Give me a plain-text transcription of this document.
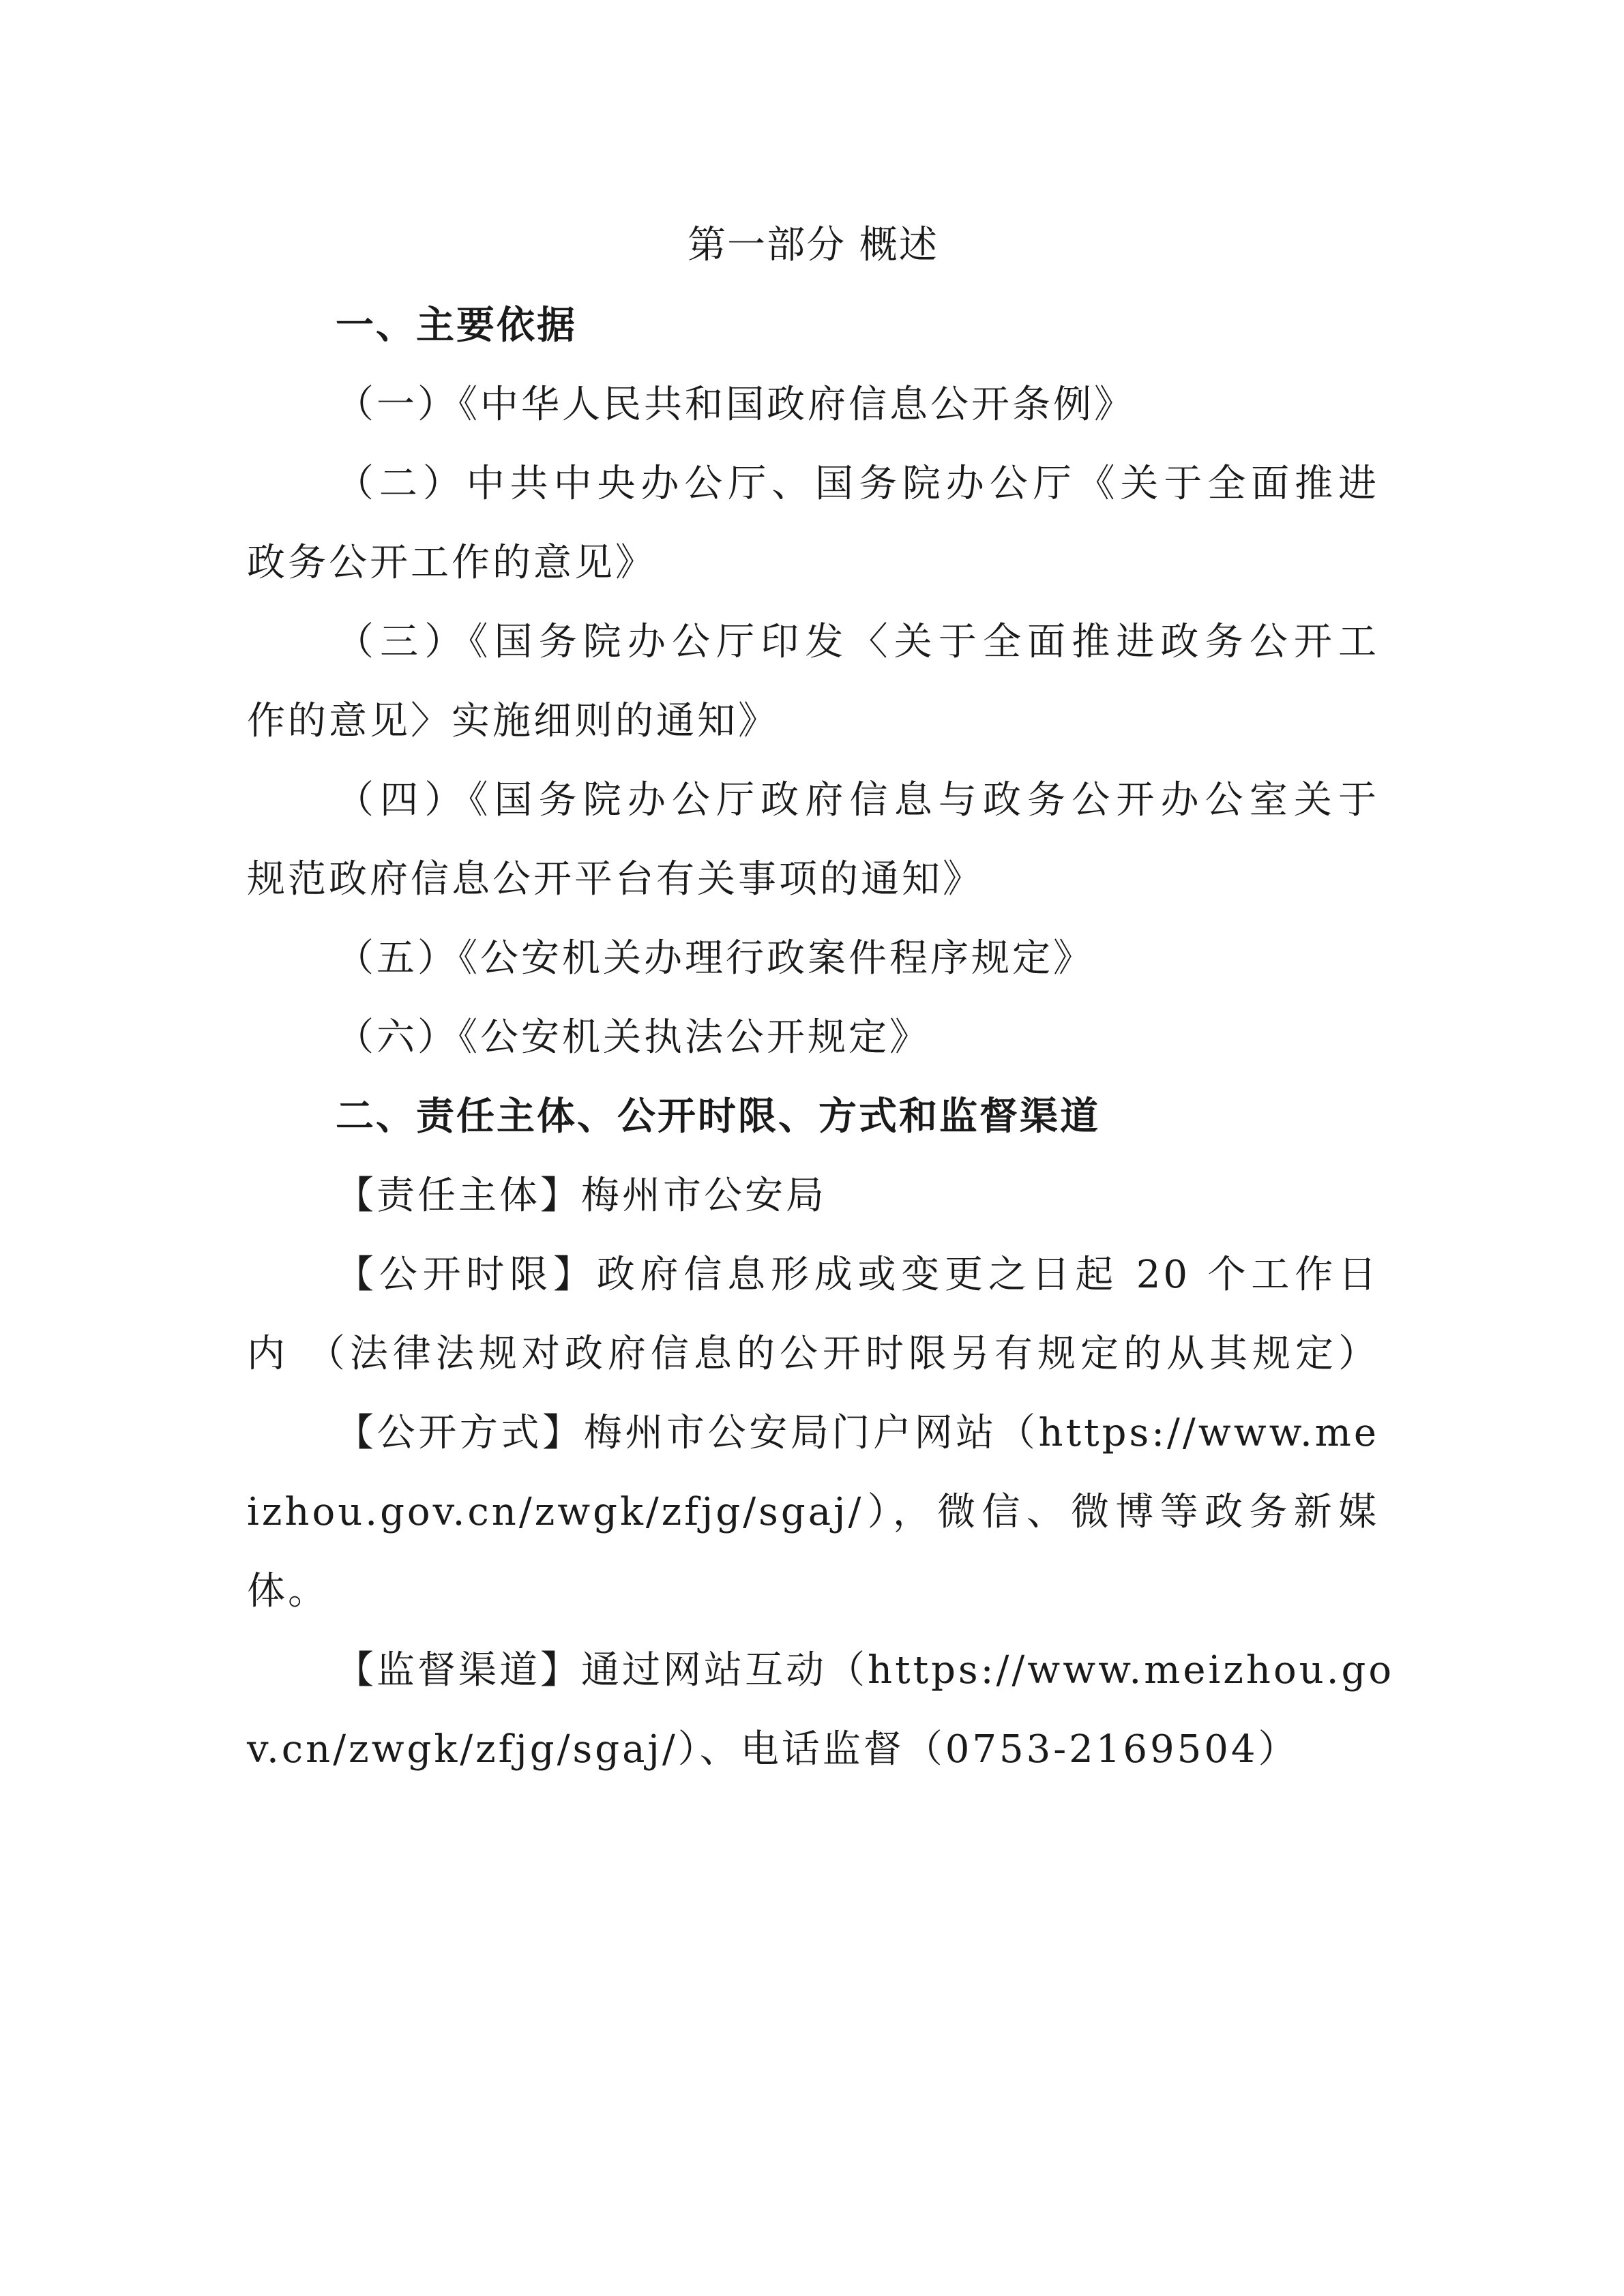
第一部分 概述
一、主要依据
（一）《中华人民共和国政府信息公开条例》
（二）中共中央办公厅、国务院办公厅《关于全面推进
政务公开工作的意见》
（三）《国务院办公厅印发〈关于全面推进政务公开工
作的意见〉实施细则的通知》
（四）《国务院办公厅政府信息与政务公开办公室关于
规范政府信息公开平台有关事项的通知》
（五）《公安机关办理行政案件程序规定》
（六）《公安机关执法公开规定》
二、责任主体、公开时限、方式和监督渠道
【责任主体】梅州市公安局
【公开时限】政府信息形成或变更之日起 20 个工作日
内 （法律法规对政府信息的公开时限另有规定的从其规定）
【公开方式】梅州市公安局门户网站（https://www.me
izhou.gov.cn/zwgk/zfjg/sgaj/），微信、微博等政务新媒
体。
【监督渠道】通过网站互动（https://www.meizhou.go
v.cn/zwgk/zfjg/sgaj/）、电话监督（0753-2169504）
